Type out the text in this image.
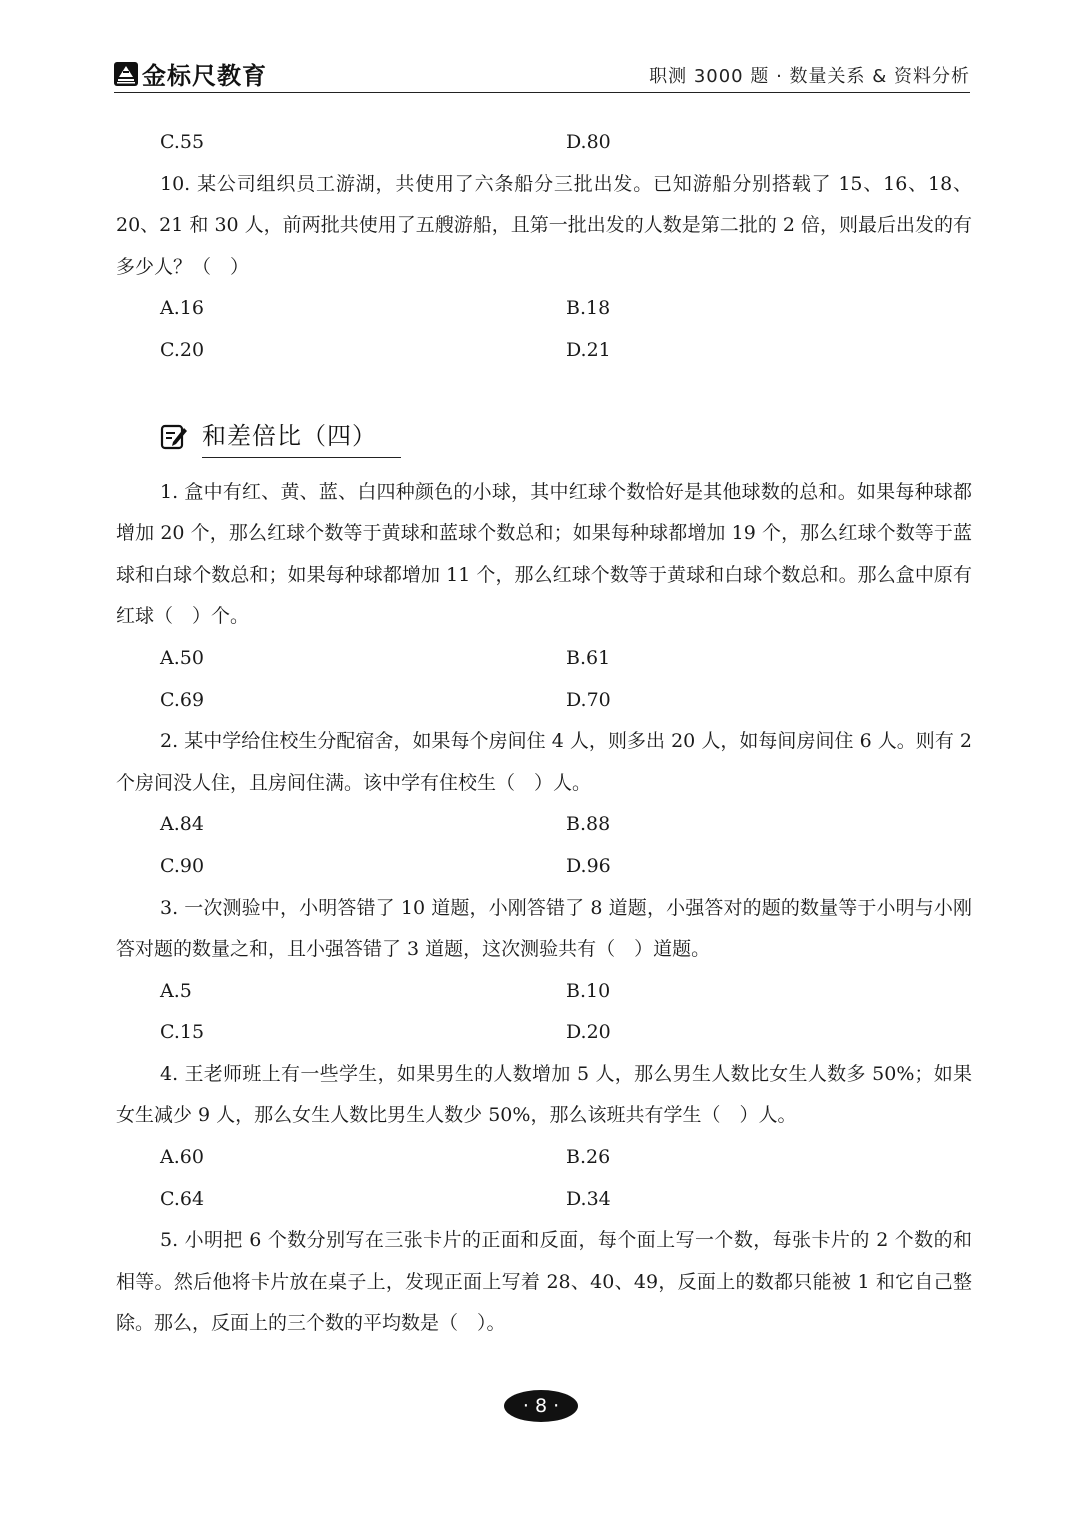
金标尺教育	职测 3000 题 · 数量关系 & 资料分析
C.55	D.80
10. 某公司组织员工游湖，共使用了六条船分三批出发。已知游船分别搭载了 15、16、18、20、21 和 30 人，前两批共使用了五艘游船，且第一批出发的人数是第二批的 2 倍，则最后出发的有多少人？（　）
A.16	B.18
C.20	D.21
和差倍比（四）
1. 盒中有红、黄、蓝、白四种颜色的小球，其中红球个数恰好是其他球数的总和。如果每种球都增加 20 个，那么红球个数等于黄球和蓝球个数总和；如果每种球都增加 19 个，那么红球个数等于蓝球和白球个数总和；如果每种球都增加 11 个，那么红球个数等于黄球和白球个数总和。那么盒中原有红球（　）个。
A.50	B.61
C.69	D.70
2. 某中学给住校生分配宿舍，如果每个房间住 4 人，则多出 20 人，如每间房间住 6 人。则有 2 个房间没人住，且房间住满。该中学有住校生（　）人。
A.84	B.88
C.90	D.96
3. 一次测验中，小明答错了 10 道题，小刚答错了 8 道题，小强答对的题的数量等于小明与小刚答对题的数量之和，且小强答错了 3 道题，这次测验共有（　）道题。
A.5	B.10
C.15	D.20
4. 王老师班上有一些学生，如果男生的人数增加 5 人，那么男生人数比女生人数多 50%；如果女生减少 9 人，那么女生人数比男生人数少 50%，那么该班共有学生（　）人。
A.60	B.26
C.64	D.34
5. 小明把 6 个数分别写在三张卡片的正面和反面，每个面上写一个数，每张卡片的 2 个数的和相等。然后他将卡片放在桌子上，发现正面上写着 28、40、49，反面上的数都只能被 1 和它自己整除。那么，反面上的三个数的平均数是（　）。
· 8 ·
